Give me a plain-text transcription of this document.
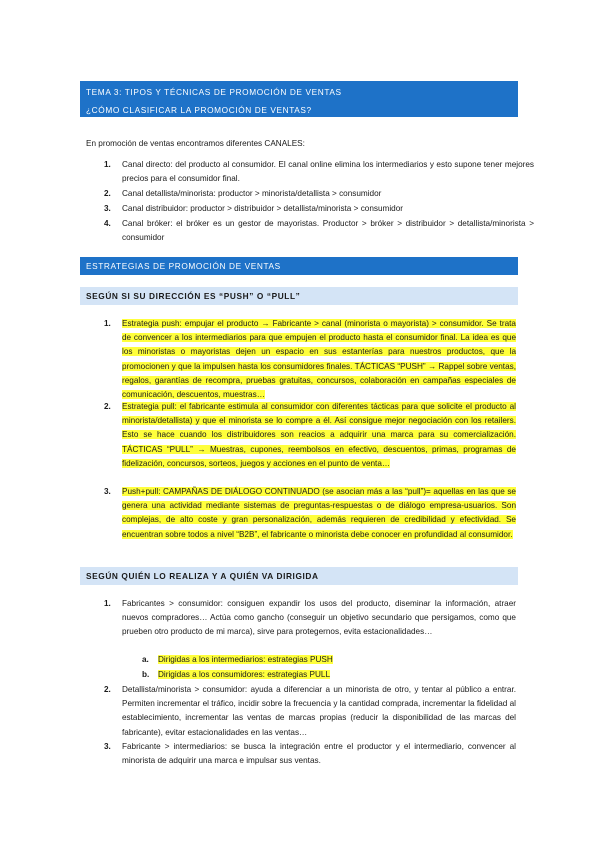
TEMA 3: TIPOS Y TÉCNICAS DE PROMOCIÓN DE VENTAS
¿CÓMO CLASIFICAR LA PROMOCIÓN DE VENTAS?
En promoción de ventas encontramos diferentes CANALES:
1. Canal directo: del producto al consumidor. El canal online elimina los intermediarios y esto supone tener mejores precios para el consumidor final.
2. Canal detallista/minorista: productor > minorista/detallista > consumidor
3. Canal distribuidor: productor > distribuidor > detallista/minorista > consumidor
4. Canal bróker: el bróker es un gestor de mayoristas. Productor > bróker > distribuidor > detallista/minorista > consumidor
ESTRATEGIAS DE PROMOCIÓN DE VENTAS
SEGÚN SI SU DIRECCIÓN ES “PUSH” O “PULL”
1. Estrategia push: empujar el producto → Fabricante > canal (minorista o mayorista) > consumidor. Se trata de convencer a los intermediarios para que empujen el producto hasta el consumidor final. La idea es que los minoristas o mayoristas dejen un espacio en sus estanterías para nuestros productos, que la promocionen y que la impulsen hasta los consumidores finales. TÁCTICAS “PUSH” → Rappel sobre ventas, regalos, garantías de recompra, pruebas gratuitas, concursos, colaboración en campañas especiales de comunicación, descuentos, muestras…
2. Estrategia pull: el fabricante estimula al consumidor con diferentes tácticas para que solicite el producto al minorista/detallista) y que el minorista se lo compre a él. Así consigue mejor negociación con los retailers. Esto se hace cuando los distribuidores son reacios a adquirir una marca para su comercialización. TÁCTICAS “PULL” → Muestras, cupones, reembolsos en efectivo, descuentos, primas, programas de fidelización, concursos, sorteos, juegos y acciones en el punto de venta…
3. Push+pull: CAMPAÑAS DE DIÁLOGO CONTINUADO (se asocian más a las “pull”)= aquellas en las que se genera una actividad mediante sistemas de preguntas-respuestas o de diálogo empresa-usuarios. Son complejas, de alto coste y gran personalización, además requieren de credibilidad y efectividad. Se encuentran sobre todos a nivel “B2B”, el fabricante o minorista debe conocer en profundidad al consumidor.
SEGÚN QUIÉN LO REALIZA Y A QUIÉN VA DIRIGIDA
1. Fabricantes > consumidor: consiguen expandir los usos del producto, diseminar la información, atraer nuevos compradores… Actúa como gancho (conseguir un objetivo secundario que persigamos, como que prueben otro producto de mi marca), sirve para protegernos, evita estacionalidades…
a. Dirigidas a los intermediarios: estrategias PUSH
b. Dirigidas a los consumidores: estrategias PULL
2. Detallista/minorista > consumidor: ayuda a diferenciar a un minorista de otro, y tentar al público a entrar. Permiten incrementar el tráfico, incidir sobre la frecuencia y la cantidad comprada, incrementar la fidelidad al establecimiento, incrementar las ventas de marcas propias (reducir la disponibilidad de las marcas del fabricante), evitar estacionalidades en las ventas…
3. Fabricante > intermediarios: se busca la integración entre el productor y el intermediario, convencer al minorista de adquirir una marca e impulsar sus ventas.
